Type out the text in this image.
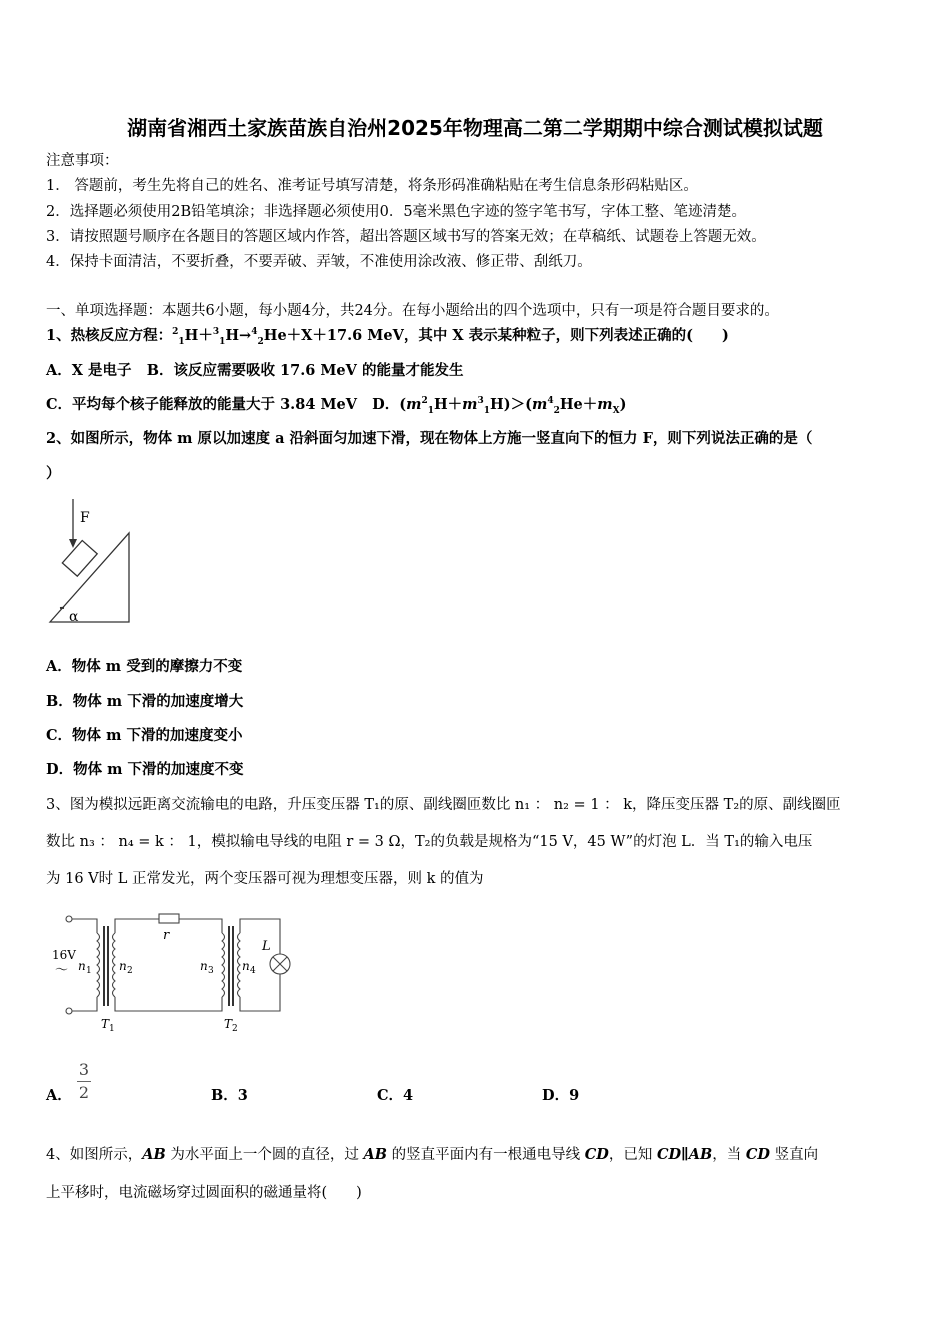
湖南省湘西土家族苗族自治州2025年物理高二第二学期期中综合测试模拟试题
注意事项：
1． 答题前，考生先将自己的姓名、准考证号填写清楚，将条形码准确粘贴在考生信息条形码粘贴区。
2．选择题必须使用2B铅笔填涂；非选择题必须使用0．5毫米黑色字迹的签字笔书写，字体工整、笔迹清楚。
3．请按照题号顺序在各题目的答题区域内作答，超出答题区域书写的答案无效；在草稿纸、试题卷上答题无效。
4．保持卡面清洁，不要折叠，不要弄破、弄皱，不准使用涂改液、修正带、刮纸刀。
一、单项选择题：本题共6小题，每小题4分，共24分。在每小题给出的四个选项中，只有一项是符合题目要求的。
1、热核反应方程：$^2_1$H＋$^3_1$H→$^4_2$He＋X＋17.6 MeV，其中 X 表示某种粒子，则下列表述正确的(　　)
A．X 是电子 B．该反应需要吸收 17.6 MeV 的能量才能发生
C．平均每个核子能释放的能量大于 3.84 MeV D．$(m^2_1H+m^3_1H)>(m^4_2He+m_X)$
2、如图所示，物体 m 原以加速度 a 沿斜面匀加速下滑，现在物体上方施一竖直向下的恒力 F，则下列说法正确的是（
）
F
α
A．物体 m 受到的摩擦力不变
B．物体 m 下滑的加速度增大
C．物体 m 下滑的加速度变小
D．物体 m 下滑的加速度不变
3、图为模拟远距离交流输电的电路，升压变压器 T₁的原、副线圈匝数比 n₁ ： n₂ = 1 ： k，降压变压器 T₂的原、副线圈匝
数比 n₃ ： n₄ = k ： 1，模拟输电导线的电阻 r = 3 Ω，T₂的负载是规格为“15 V，45 W”的灯泡 L．当 T₁的输入电压
为 16 V时 L 正常发光，两个变压器可视为理想变压器，则 k 的值为
16V
～ n 1 n 2
r
n 3 n 4
L
T 1	T 2
A．
3
2	B．3	C．4	D．9
4、如图所示，AB 为水平面上一个圆的直径，过 AB 的竖直平面内有一根通电导线 CD，已知 CD∥AB，当 CD 竖直向
上平移时，电流磁场穿过圆面积的磁通量将(　　)
